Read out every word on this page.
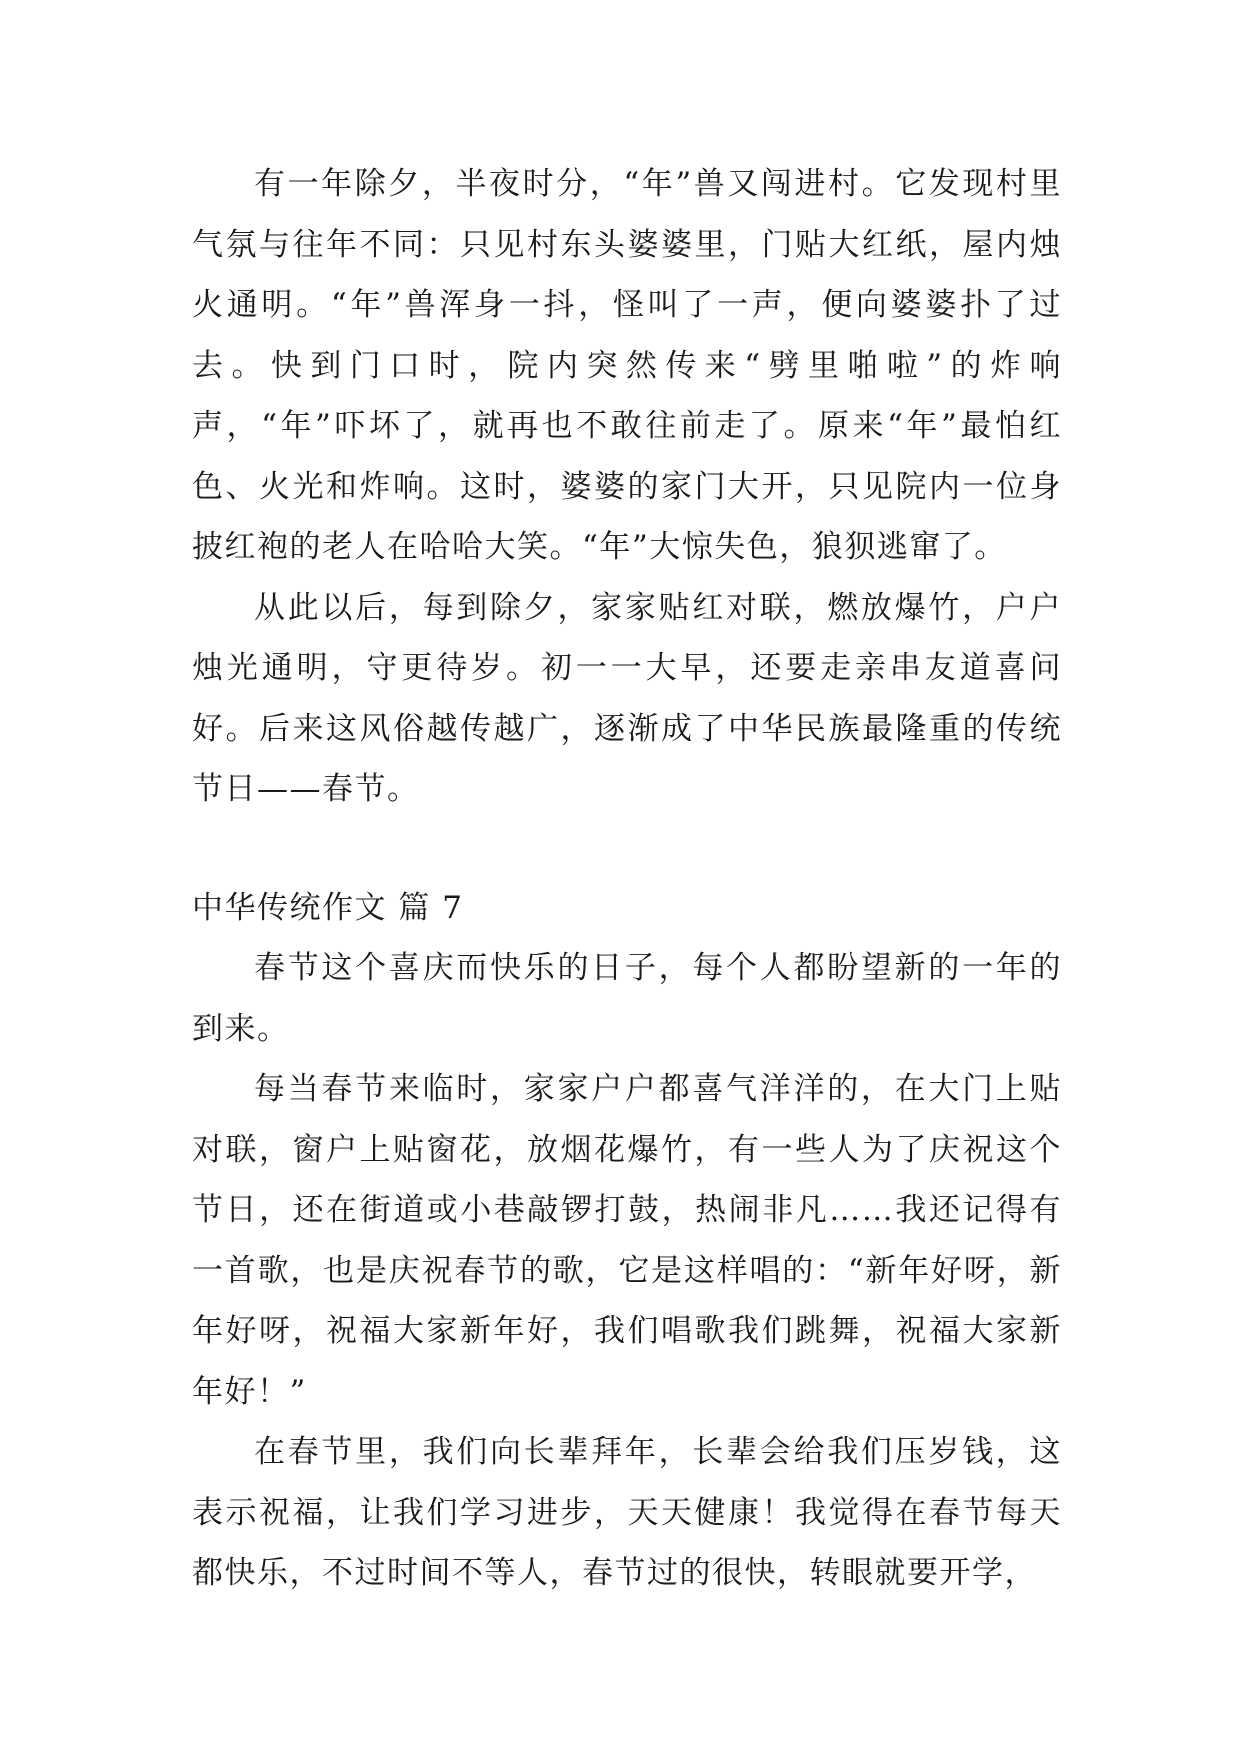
有一年除夕，半夜时分，“年”兽又闯进村。它发现村里气氛与往年不同：只见村东头婆婆里，门贴大红纸，屋内烛火通明。“年”兽浑身一抖，怪叫了一声，便向婆婆扑了过去。快到门口时，院内突然传来“劈里啪啦”的炸响声，“年”吓坏了，就再也不敢往前走了。原来“年”最怕红色、火光和炸响。这时，婆婆的家门大开，只见院内一位身披红袍的老人在哈哈大笑。“年”大惊失色，狼狈逃窜了。

从此以后，每到除夕，家家贴红对联，燃放爆竹，户户烛光通明，守更待岁。初一一大早，还要走亲串友道喜问好。后来这风俗越传越广，逐渐成了中华民族最隆重的传统节日——春节。

中华传统作文 篇 7

春节这个喜庆而快乐的日子，每个人都盼望新的一年的到来。

每当春节来临时，家家户户都喜气洋洋的，在大门上贴对联，窗户上贴窗花，放烟花爆竹，有一些人为了庆祝这个节日，还在街道或小巷敲锣打鼓，热闹非凡……我还记得有一首歌，也是庆祝春节的歌，它是这样唱的：“新年好呀，新年好呀，祝福大家新年好，我们唱歌我们跳舞，祝福大家新年好！”

在春节里，我们向长辈拜年，长辈会给我们压岁钱，这表示祝福，让我们学习进步，天天健康！我觉得在春节每天都快乐，不过时间不等人，春节过的很快，转眼就要开学，
